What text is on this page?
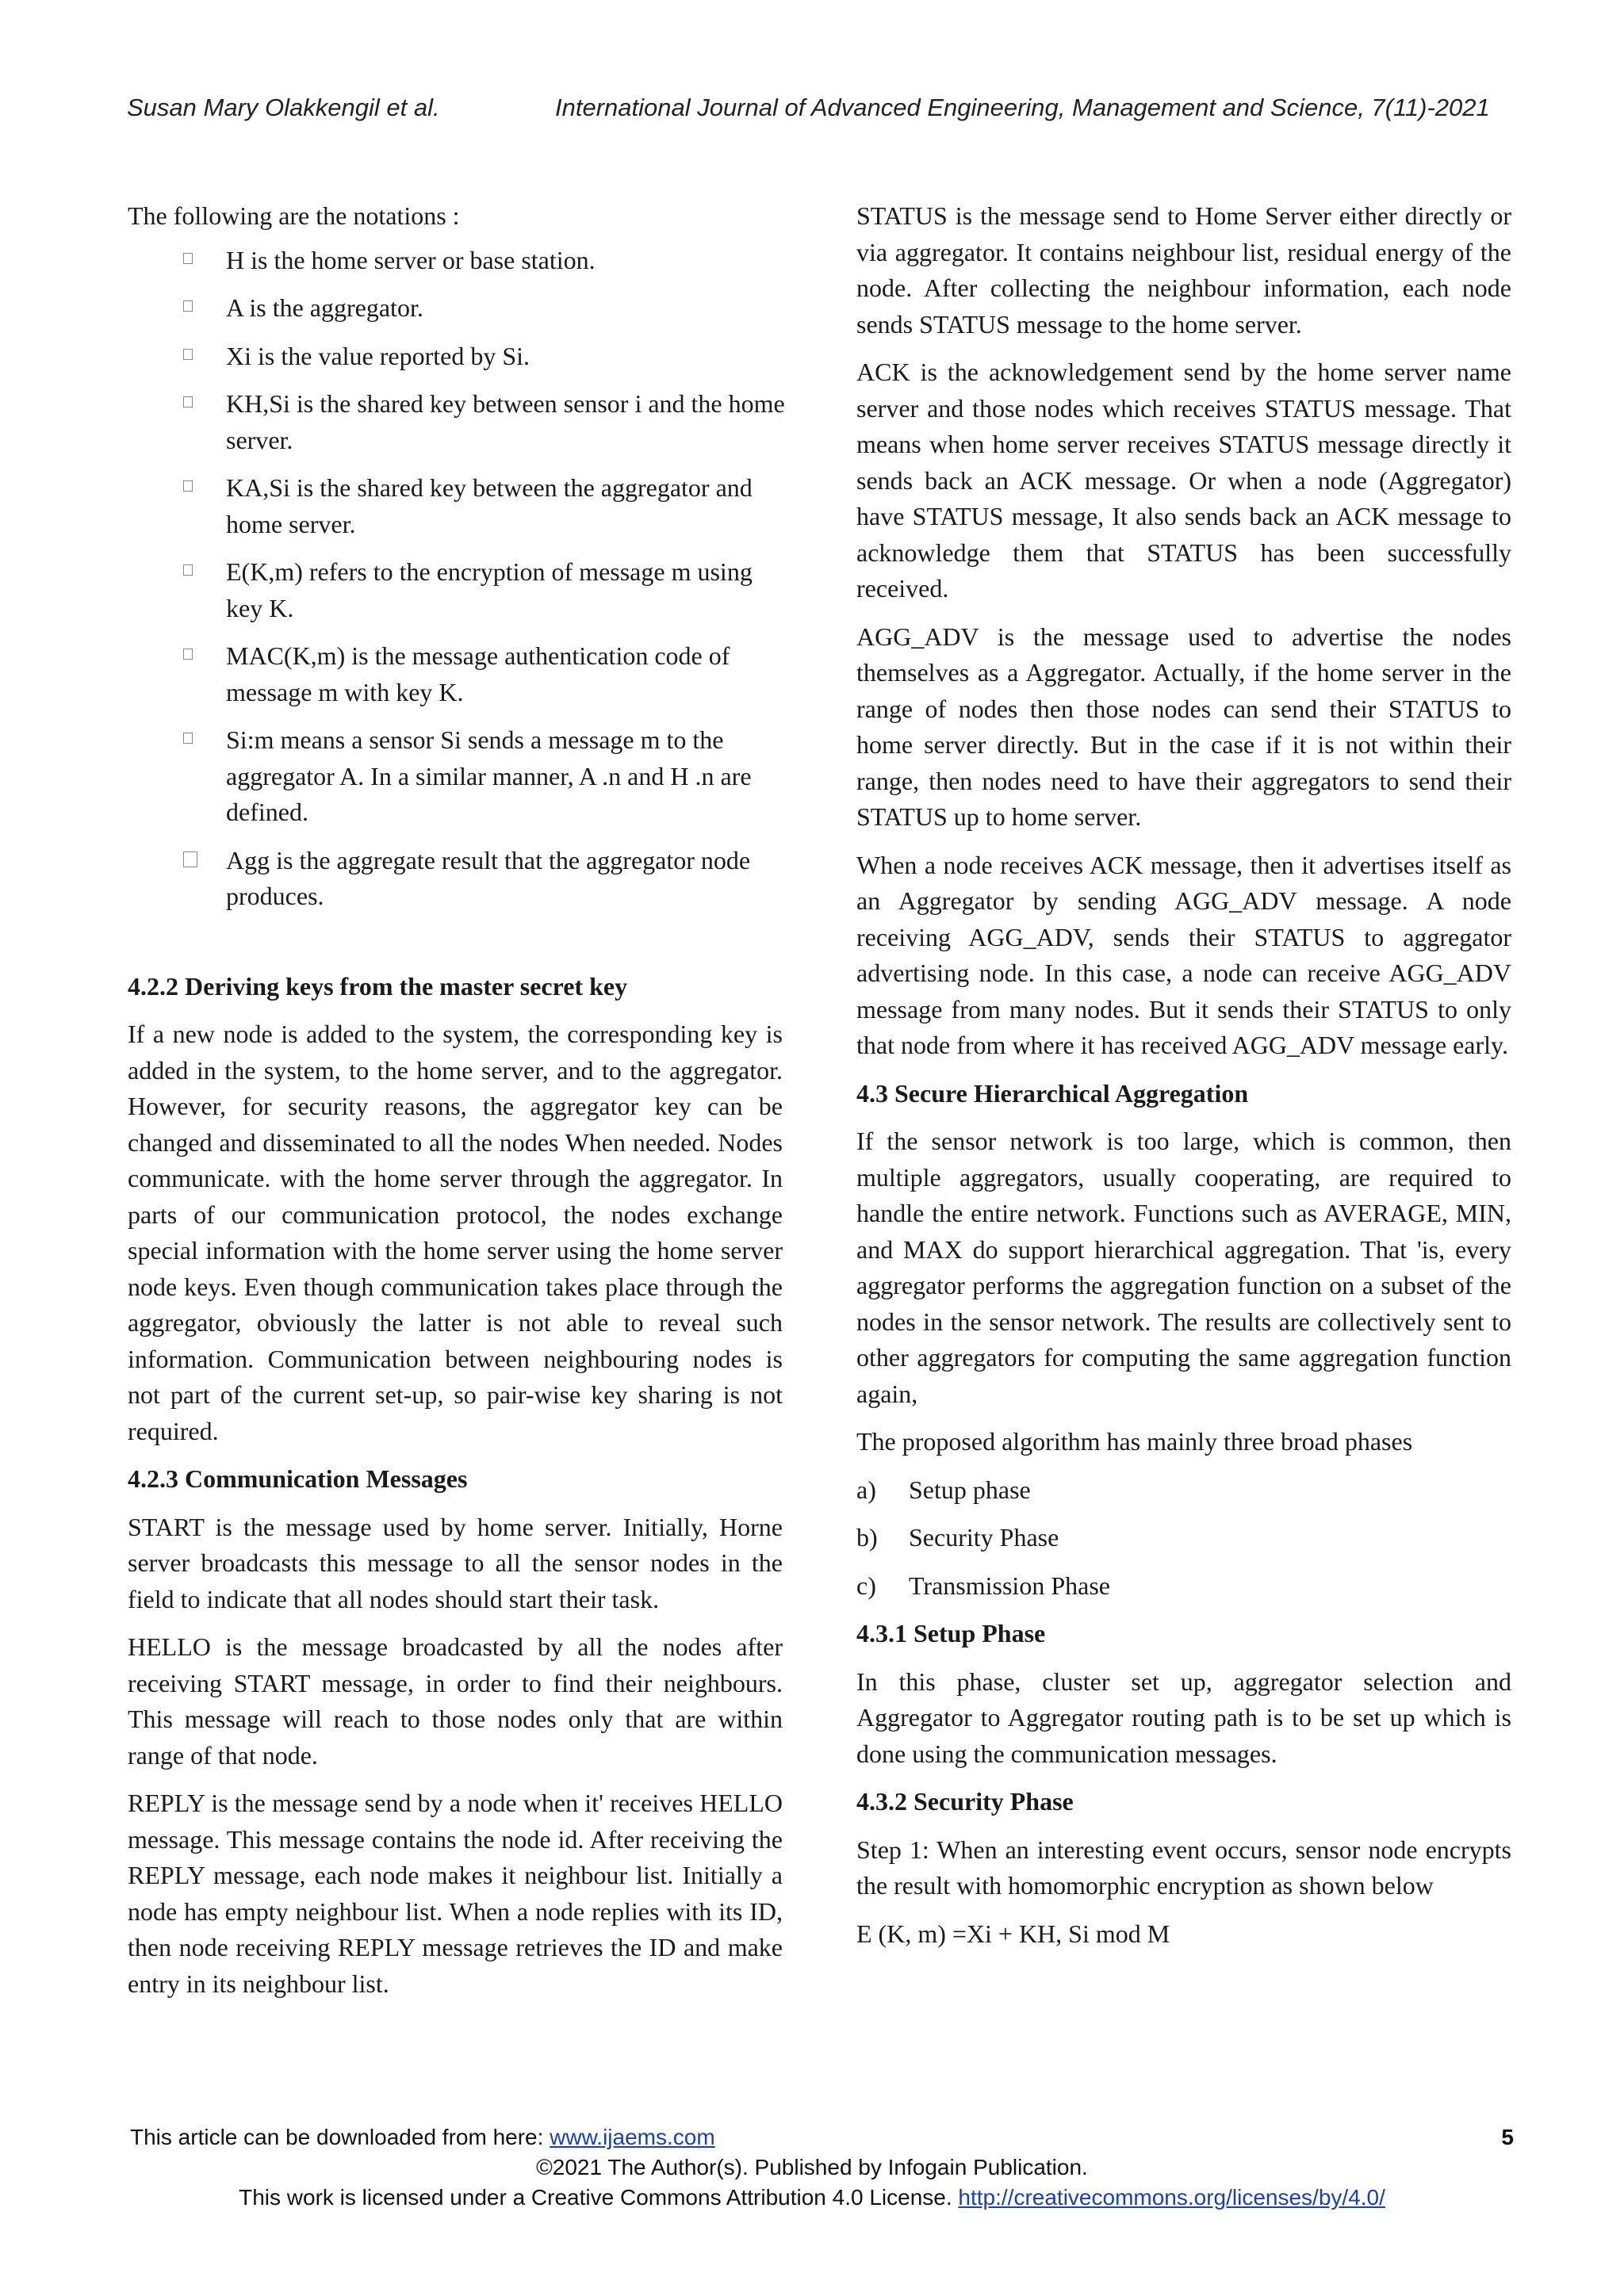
Susan Mary Olakkengil et al.	International Journal of Advanced Engineering, Management and Science, 7(11)-2021

The following are the notations :

H is the home server or base station.
A is the aggregator.
Xi is the value reported by Si.
KH,Si is the shared key between sensor i and the home server.
KA,Si is the shared key between the aggregator and home server.
E(K,m) refers to the encryption of message m using key K.
MAC(K,m) is the message authentication code of message m with key K.
Si:m means a sensor Si sends a message m to the aggregator A. In a similar manner, A .n and H .n are defined.
Agg is the aggregate result that the aggregator node produces.
4.2.2 Deriving keys from the master secret key

If a new node is added to the system, the corresponding key is added in the system, to the home server, and to the aggregator. However, for security reasons, the aggregator key can be changed and disseminated to all the nodes When needed. Nodes communicate. with the home server through the aggregator. In parts of our communication protocol, the nodes exchange special information with the home server using the home server node keys. Even though communication takes place through the aggregator, obviously the latter is not able to reveal such information. Communication between neighbouring nodes is not part of the current set-up, so pair-wise key sharing is not required.

4.2.3 Communication Messages

START is the message used by home server. Initially, Horne server broadcasts this message to all the sensor nodes in the field to indicate that all nodes should start their task.

HELLO is the message broadcasted by all the nodes after receiving START message, in order to find their neighbours. This message will reach to those nodes only that are within range of that node.

REPLY is the message send by a node when it' receives HELLO message. This message contains the node id. After receiving the REPLY message, each node makes it neighbour list. Initially a node has empty neighbour list. When a node replies with its ID, then node receiving REPLY message retrieves the ID and make entry in its neighbour list.

STATUS is the message send to Home Server either directly or via aggregator. It contains neighbour list, residual energy of the node. After collecting the neighbour information, each node sends STATUS message to the home server.

ACK is the acknowledgement send by the home server name server and those nodes which receives STATUS message. That means when home server receives STATUS message directly it sends back an ACK message. Or when a node (Aggregator) have STATUS message, It also sends back an ACK message to acknowledge them that STATUS has been successfully received.

AGG_ADV is the message used to advertise the nodes themselves as a Aggregator. Actually, if the home server in the range of nodes then those nodes can send their STATUS to home server directly. But in the case if it is not within their range, then nodes need to have their aggregators to send their STATUS up to home server.

When a node receives ACK message, then it advertises itself as an Aggregator by sending AGG_ADV message. A node receiving AGG_ADV, sends their STATUS to aggregator advertising node. In this case, a node can receive AGG_ADV message from many nodes. But it sends their STATUS to only that node from where it has received AGG_ADV message early.

4.3 Secure Hierarchical Aggregation

If the sensor network is too large, which is common, then multiple aggregators, usually cooperating, are required to handle the entire network. Functions such as AVERAGE, MIN, and MAX do support hierarchical aggregation. That 'is, every aggregator performs the aggregation function on a subset of the nodes in the sensor network. The results are collectively sent to other aggregators for computing the same aggregation function again,

The proposed algorithm has mainly three broad phases

a)	Setup phase
b)	Security Phase
c)	Transmission Phase
4.3.1 Setup Phase

In this phase, cluster set up, aggregator selection and Aggregator to Aggregator routing path is to be set up which is done using the communication messages.

4.3.2 Security Phase

Step 1: When an interesting event occurs, sensor node encrypts the result with homomorphic encryption as shown below

E (K, m) =Xi + KH, Si mod M

This article can be downloaded from here: www.ijaems.com	5
©2021 The Author(s). Published by Infogain Publication.
This work is licensed under a Creative Commons Attribution 4.0 License. http://creativecommons.org/licenses/by/4.0/
